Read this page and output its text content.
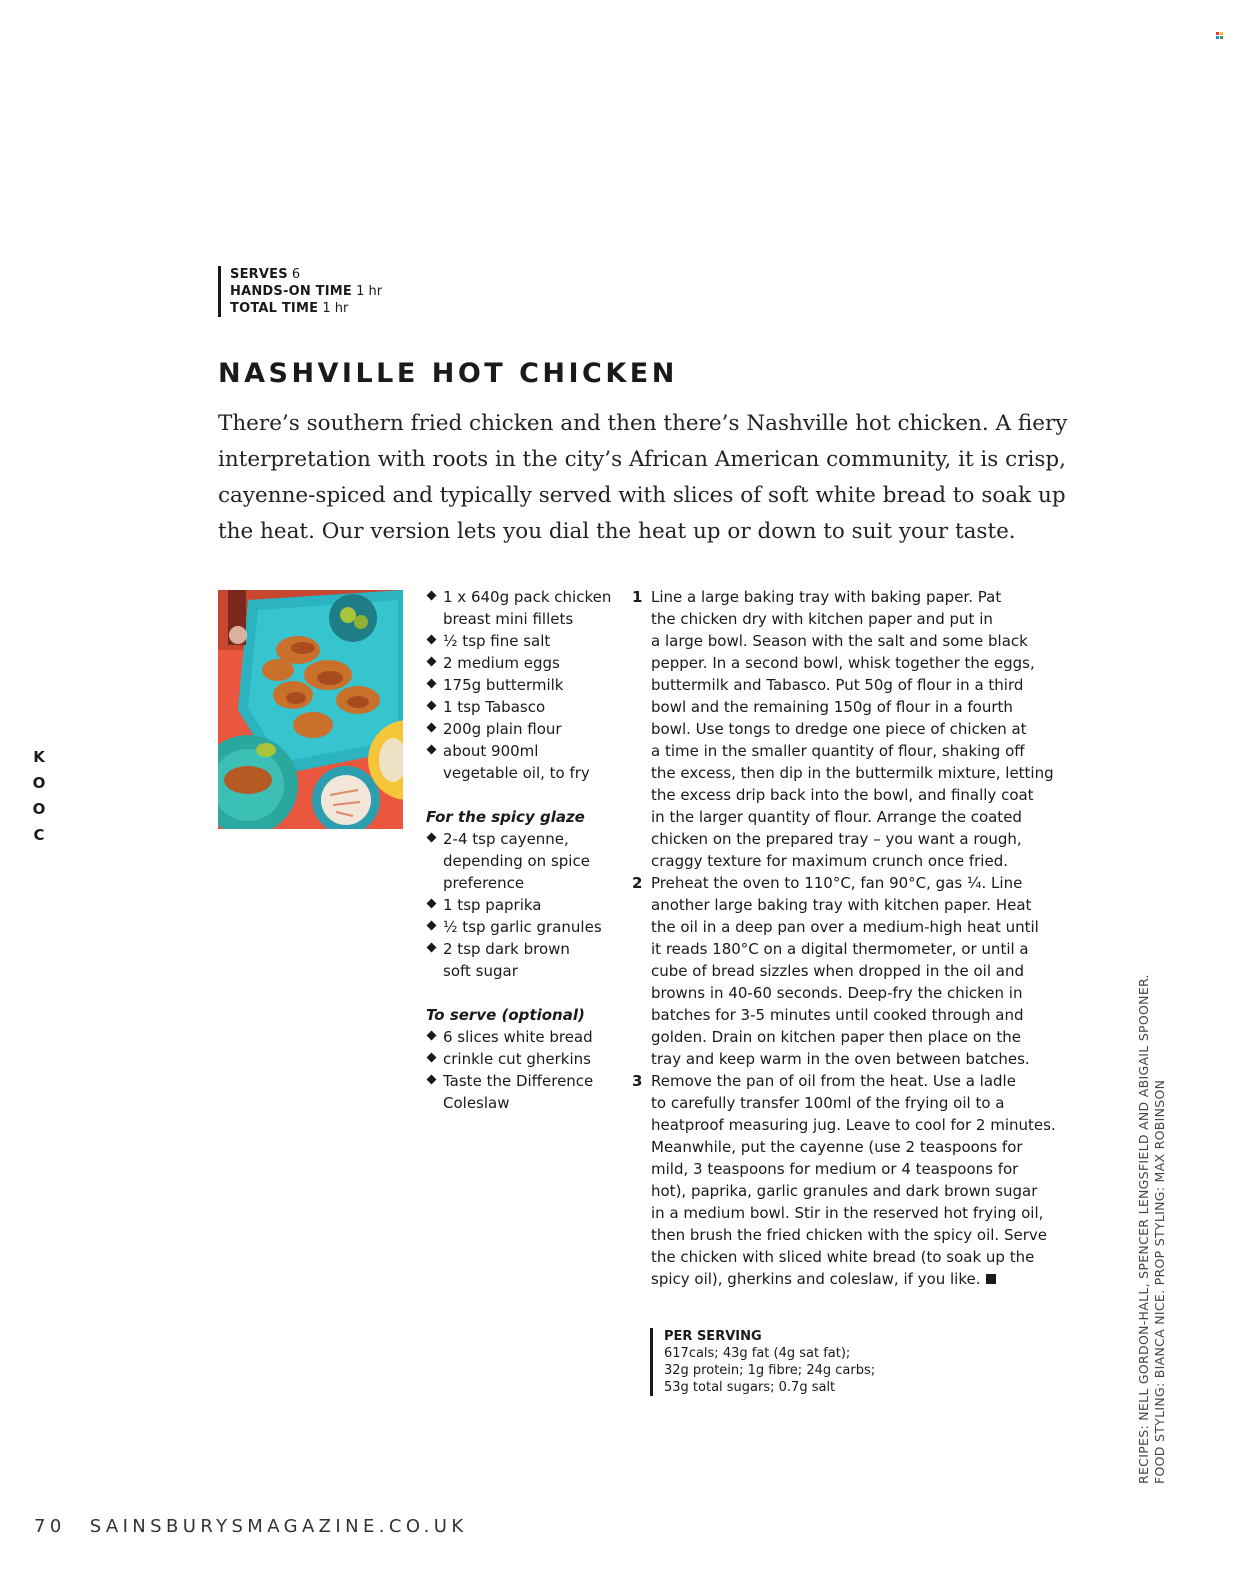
SERVES 6
HANDS-ON TIME 1 hr
TOTAL TIME 1 hr
NASHVILLE HOT CHICKEN

There’s southern fried chicken and then there’s Nashville hot chicken. A fiery
interpretation with roots in the city’s African American community, it is crisp,
cayenne-spiced and typically served with slices of soft white bread to soak up
the heat. Our version lets you dial the heat up or down to suit your taste.

1 x 640g pack chicken
breast mini fillets
½ tsp fine salt
2 medium eggs
175g buttermilk
1 tsp Tabasco
200g plain flour
about 900ml
vegetable oil, to fry
For the spicy glaze
2-4 tsp cayenne,
depending on spice
preference
1 tsp paprika
½ tsp garlic granules
2 tsp dark brown
soft sugar
To serve (optional)
6 slices white bread
crinkle cut gherkins
Taste the Difference
Coleslaw
1 Line a large baking tray with baking paper. Pat
the chicken dry with kitchen paper and put in
a large bowl. Season with the salt and some black
pepper. In a second bowl, whisk together the eggs,
buttermilk and Tabasco. Put 50g of flour in a third
bowl and the remaining 150g of flour in a fourth
bowl. Use tongs to dredge one piece of chicken at
a time in the smaller quantity of flour, shaking off
the excess, then dip in the buttermilk mixture, letting
the excess drip back into the bowl, and finally coat
in the larger quantity of flour. Arrange the coated
chicken on the prepared tray – you want a rough,
craggy texture for maximum crunch once fried.
2 Preheat the oven to 110°C, fan 90°C, gas ¼. Line
another large baking tray with kitchen paper. Heat
the oil in a deep pan over a medium-high heat until
it reads 180°C on a digital thermometer, or until a
cube of bread sizzles when dropped in the oil and
browns in 40-60 seconds. Deep-fry the chicken in
batches for 3-5 minutes until cooked through and
golden. Drain on kitchen paper then place on the
tray and keep warm in the oven between batches.
3 Remove the pan of oil from the heat. Use a ladle
to carefully transfer 100ml of the frying oil to a
heatproof measuring jug. Leave to cool for 2 minutes.
Meanwhile, put the cayenne (use 2 teaspoons for
mild, 3 teaspoons for medium or 4 teaspoons for
hot), paprika, garlic granules and dark brown sugar
in a medium bowl. Stir in the reserved hot frying oil,
then brush the fried chicken with the spicy oil. Serve
the chicken with sliced white bread (to soak up the
spicy oil), gherkins and coleslaw, if you like.
PER SERVING
617cals; 43g fat (4g sat fat);
32g protein; 1g fibre; 24g carbs;
53g total sugars; 0.7g salt
K
O
O
C
RECIPES: NELL GORDON-HALL, SPENCER LENGSFIELD AND ABIGAIL SPOONER. FOOD STYLING: BIANCA NICE. PROP STYLING: MAX ROBINSON
70 SAINSBURYSMAGAZINE.CO.UK
